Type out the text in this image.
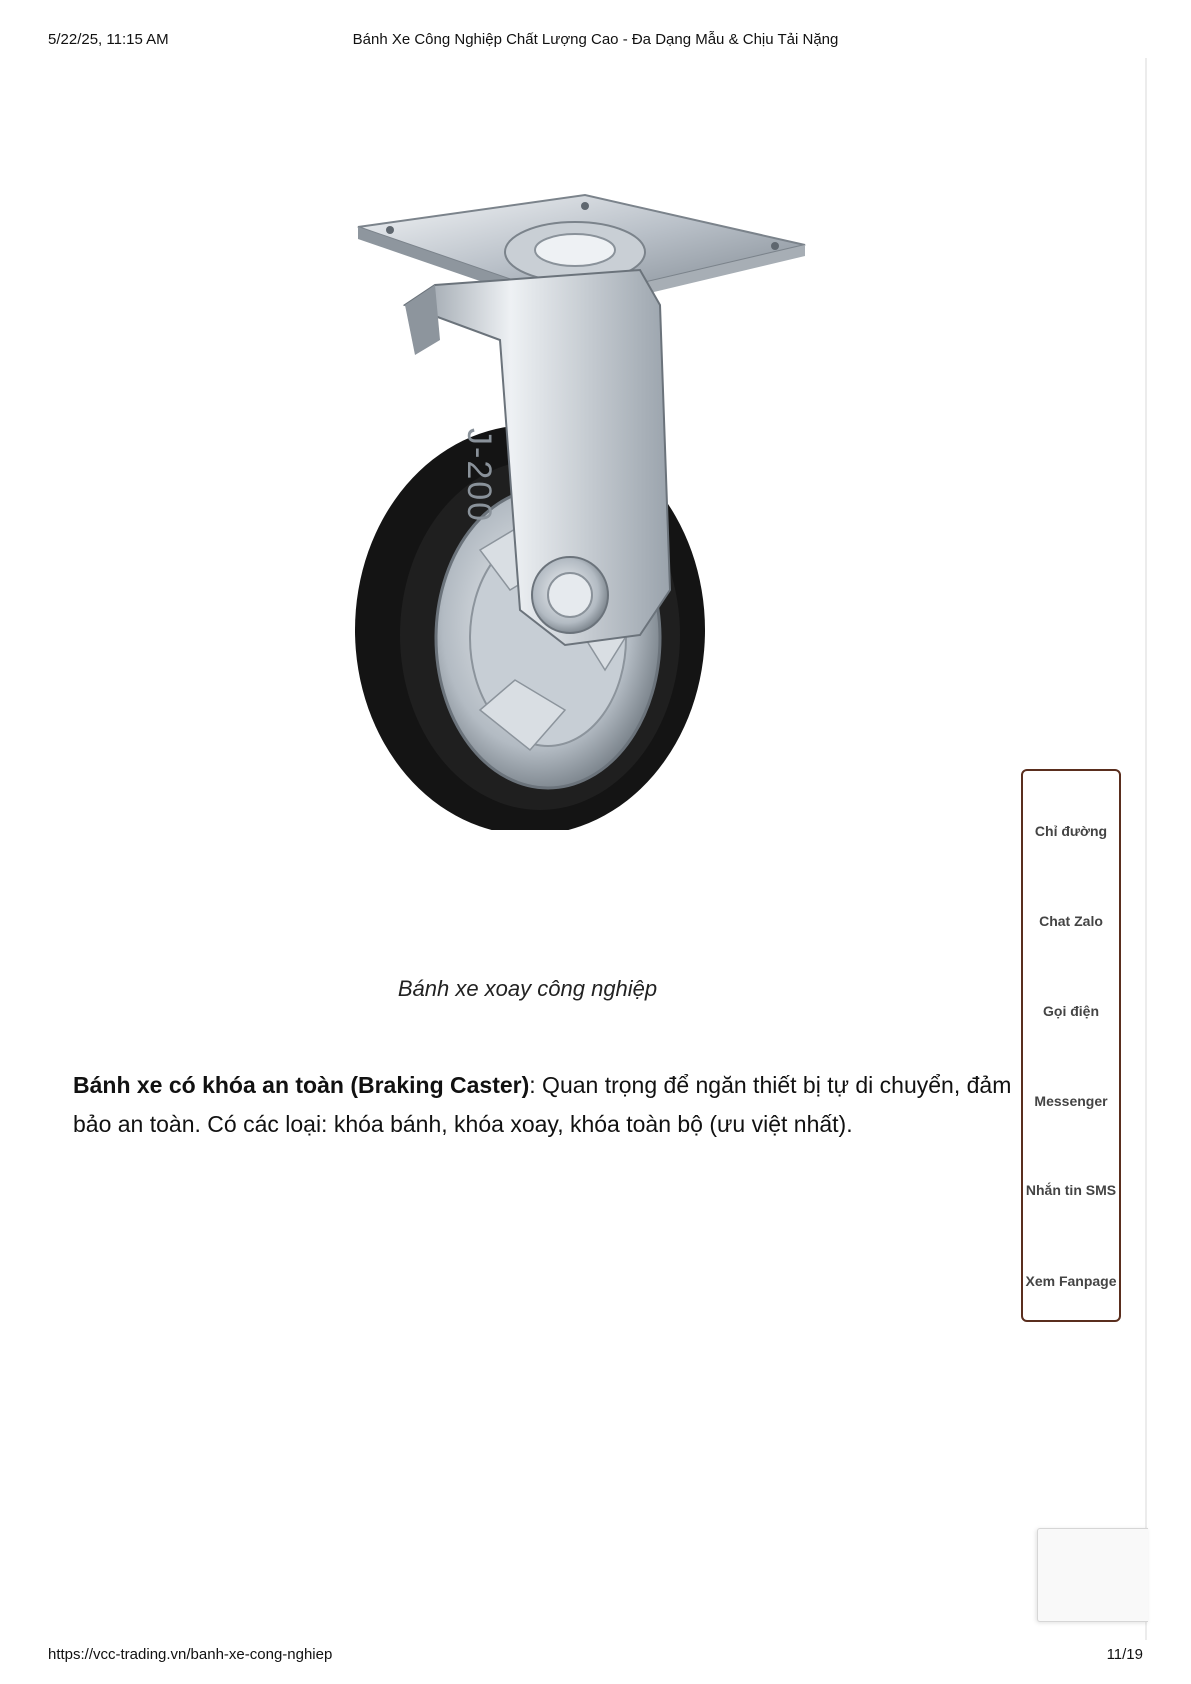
5/22/25, 11:15 AM	Bánh Xe Công Nghiệp Chất Lượng Cao - Đa Dạng Mẫu & Chịu Tải Nặng
J-200
Bánh xe xoay công nghiệp
Bánh xe có khóa an toàn (Braking Caster): Quan trọng để ngăn thiết bị tự di chuyển, đảm bảo an toàn. Có các loại: khóa bánh, khóa xoay, khóa toàn bộ (ưu việt nhất).
Chỉ đường
Chat Zalo
Gọi điện
Messenger
Nhắn tin SMS
Xem Fanpage
https://vcc-trading.vn/banh-xe-cong-nghiep	11/19
